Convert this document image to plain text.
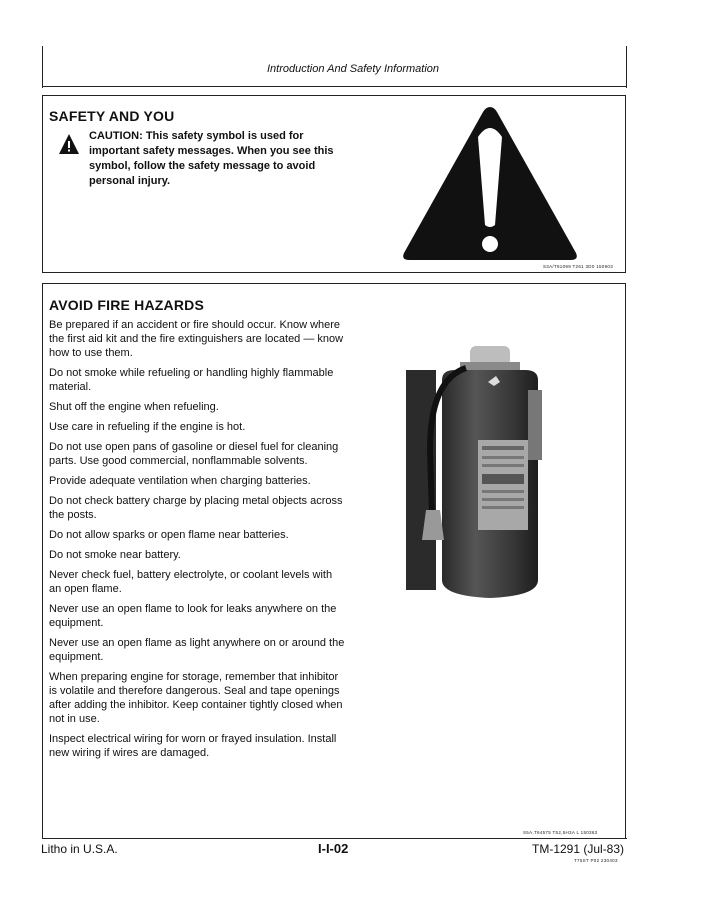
Introduction And Safety Information
SAFETY AND YOU
CAUTION: This safety symbol is used for important safety messages. When you see this symbol, follow the safety message to avoid personal injury.
S3A/T81099 T261 3D0 150903
AVOID FIRE HAZARDS
Be prepared if an accident or fire should occur. Know where the first aid kit and the fire extinguishers are located — know how to use them.
Do not smoke while refueling or handling highly flammable material.
Shut off the engine when refueling.
Use care in refueling if the engine is hot.
Do not use open pans of gasoline or diesel fuel for cleaning parts. Use good commercial, nonflammable solvents.
Provide adequate ventilation when charging batteries.
Do not check battery charge by placing metal objects across the posts.
Do not allow sparks or open flame near batteries.
Do not smoke near battery.
Never check fuel, battery electrolyte, or coolant levels with an open flame.
Never use an open flame to look for leaks anywhere on the equipment.
Never use an open flame as light anywhere on or around the equipment.
When preparing engine for storage, remember that inhibitor is volatile and therefore dangerous. Seal and tape openings after adding the inhibitor. Keep container tightly closed when not in use.
Inspect electrical wiring for worn or frayed insulation. Install new wiring if wires are damaged.
S5A,T64575 T52,5H3A L 150363
Litho in U.S.A.	I-I-02	TM-1291 (Jul-83)
T75ST P02 230403
